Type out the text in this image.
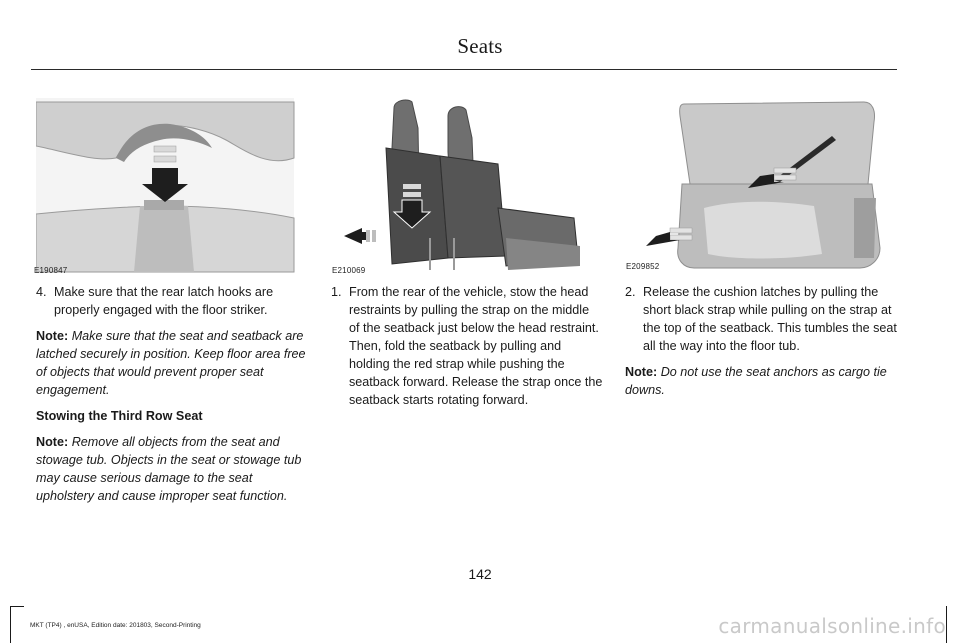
Seats
E190847	E210069	E209852

4. Make sure that the rear latch hooks are properly engaged with the floor striker.

Note: Make sure that the seat and seatback are latched securely in position. Keep floor area free of objects that would prevent proper seat engagement.

Stowing the Third Row Seat

Note: Remove all objects from the seat and stowage tub. Objects in the seat or stowage tub may cause serious damage to the seat upholstery and cause improper seat function.

1. From the rear of the vehicle, stow the head restraints by pulling the strap on the middle of the seatback just below the head restraint. Then, fold the seatback by pulling and holding the red strap while pushing the seatback forward. Release the strap once the seatback starts rotating forward.

2. Release the cushion latches by pulling the short black strap while pulling on the strap at the top of the seatback. This tumbles the seat all the way into the floor tub.

Note: Do not use the seat anchors as cargo tie downs.

142
MKT (TP4) , enUSA, Edition date: 201803, Second-Printing	carmanualsonline.info
